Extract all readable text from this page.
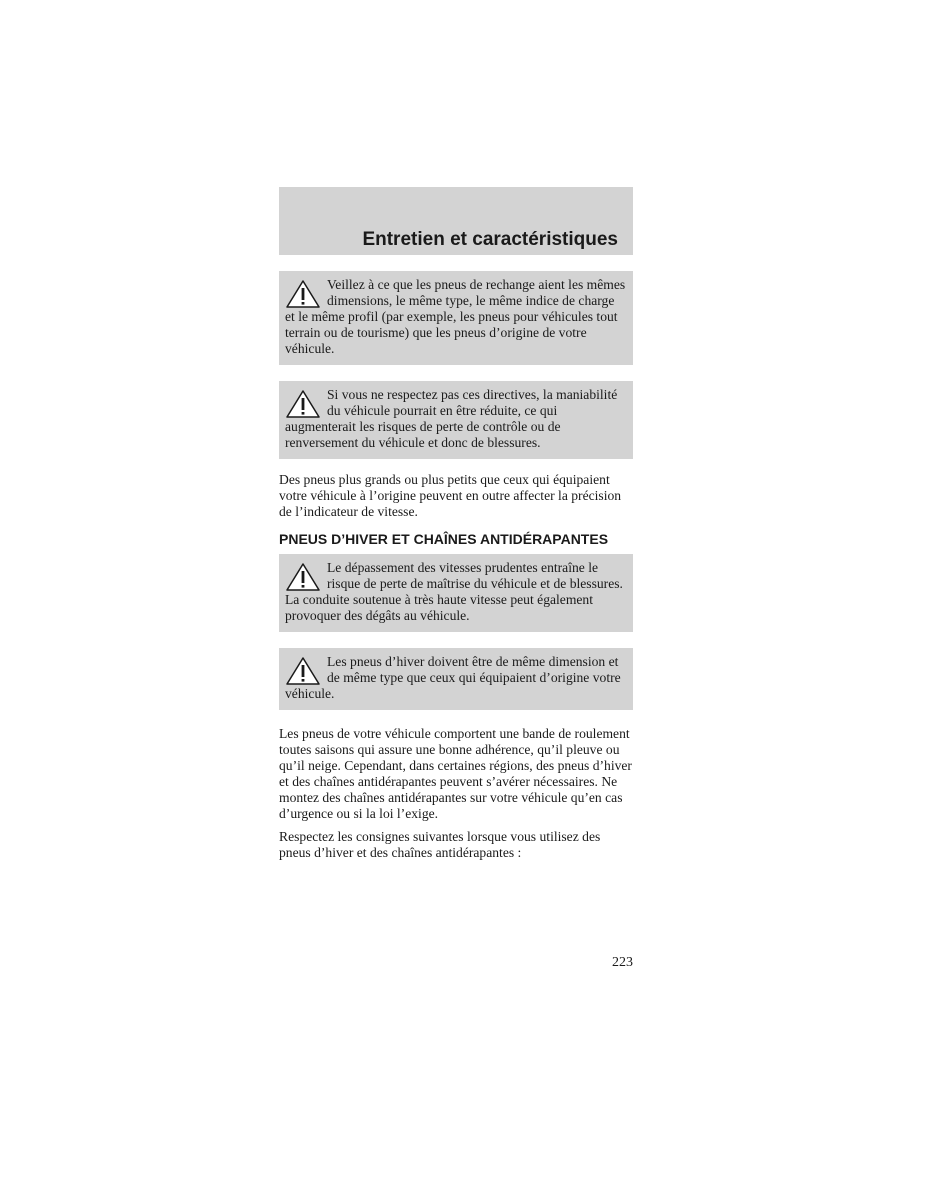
Entretien et caractéristiques
Veillez à ce que les pneus de rechange aient les mêmes dimensions, le même type, le même indice de charge et le même profil (par exemple, les pneus pour véhicules tout terrain ou de tourisme) que les pneus d’origine de votre véhicule.
Si vous ne respectez pas ces directives, la maniabilité du véhicule pourrait en être réduite, ce qui augmenterait les risques de perte de contrôle ou de renversement du véhicule et donc de blessures.

Des pneus plus grands ou plus petits que ceux qui équipaient votre véhicule à l’origine peuvent en outre affecter la précision de l’indicateur de vitesse.

PNEUS D’HIVER ET CHAÎNES ANTIDÉRAPANTES
Le dépassement des vitesses prudentes entraîne le risque de perte de maîtrise du véhicule et de blessures. La conduite soutenue à très haute vitesse peut également provoquer des dégâts au véhicule.
Les pneus d’hiver doivent être de même dimension et de même type que ceux qui équipaient d’origine votre véhicule.

Les pneus de votre véhicule comportent une bande de roulement toutes saisons qui assure une bonne adhérence, qu’il pleuve ou qu’il neige. Cependant, dans certaines régions, des pneus d’hiver et des chaînes antidérapantes peuvent s’avérer nécessaires. Ne montez des chaînes antidérapantes sur votre véhicule qu’en cas d’urgence ou si la loi l’exige.

Respectez les consignes suivantes lorsque vous utilisez des pneus d’hiver et des chaînes antidérapantes :

223
